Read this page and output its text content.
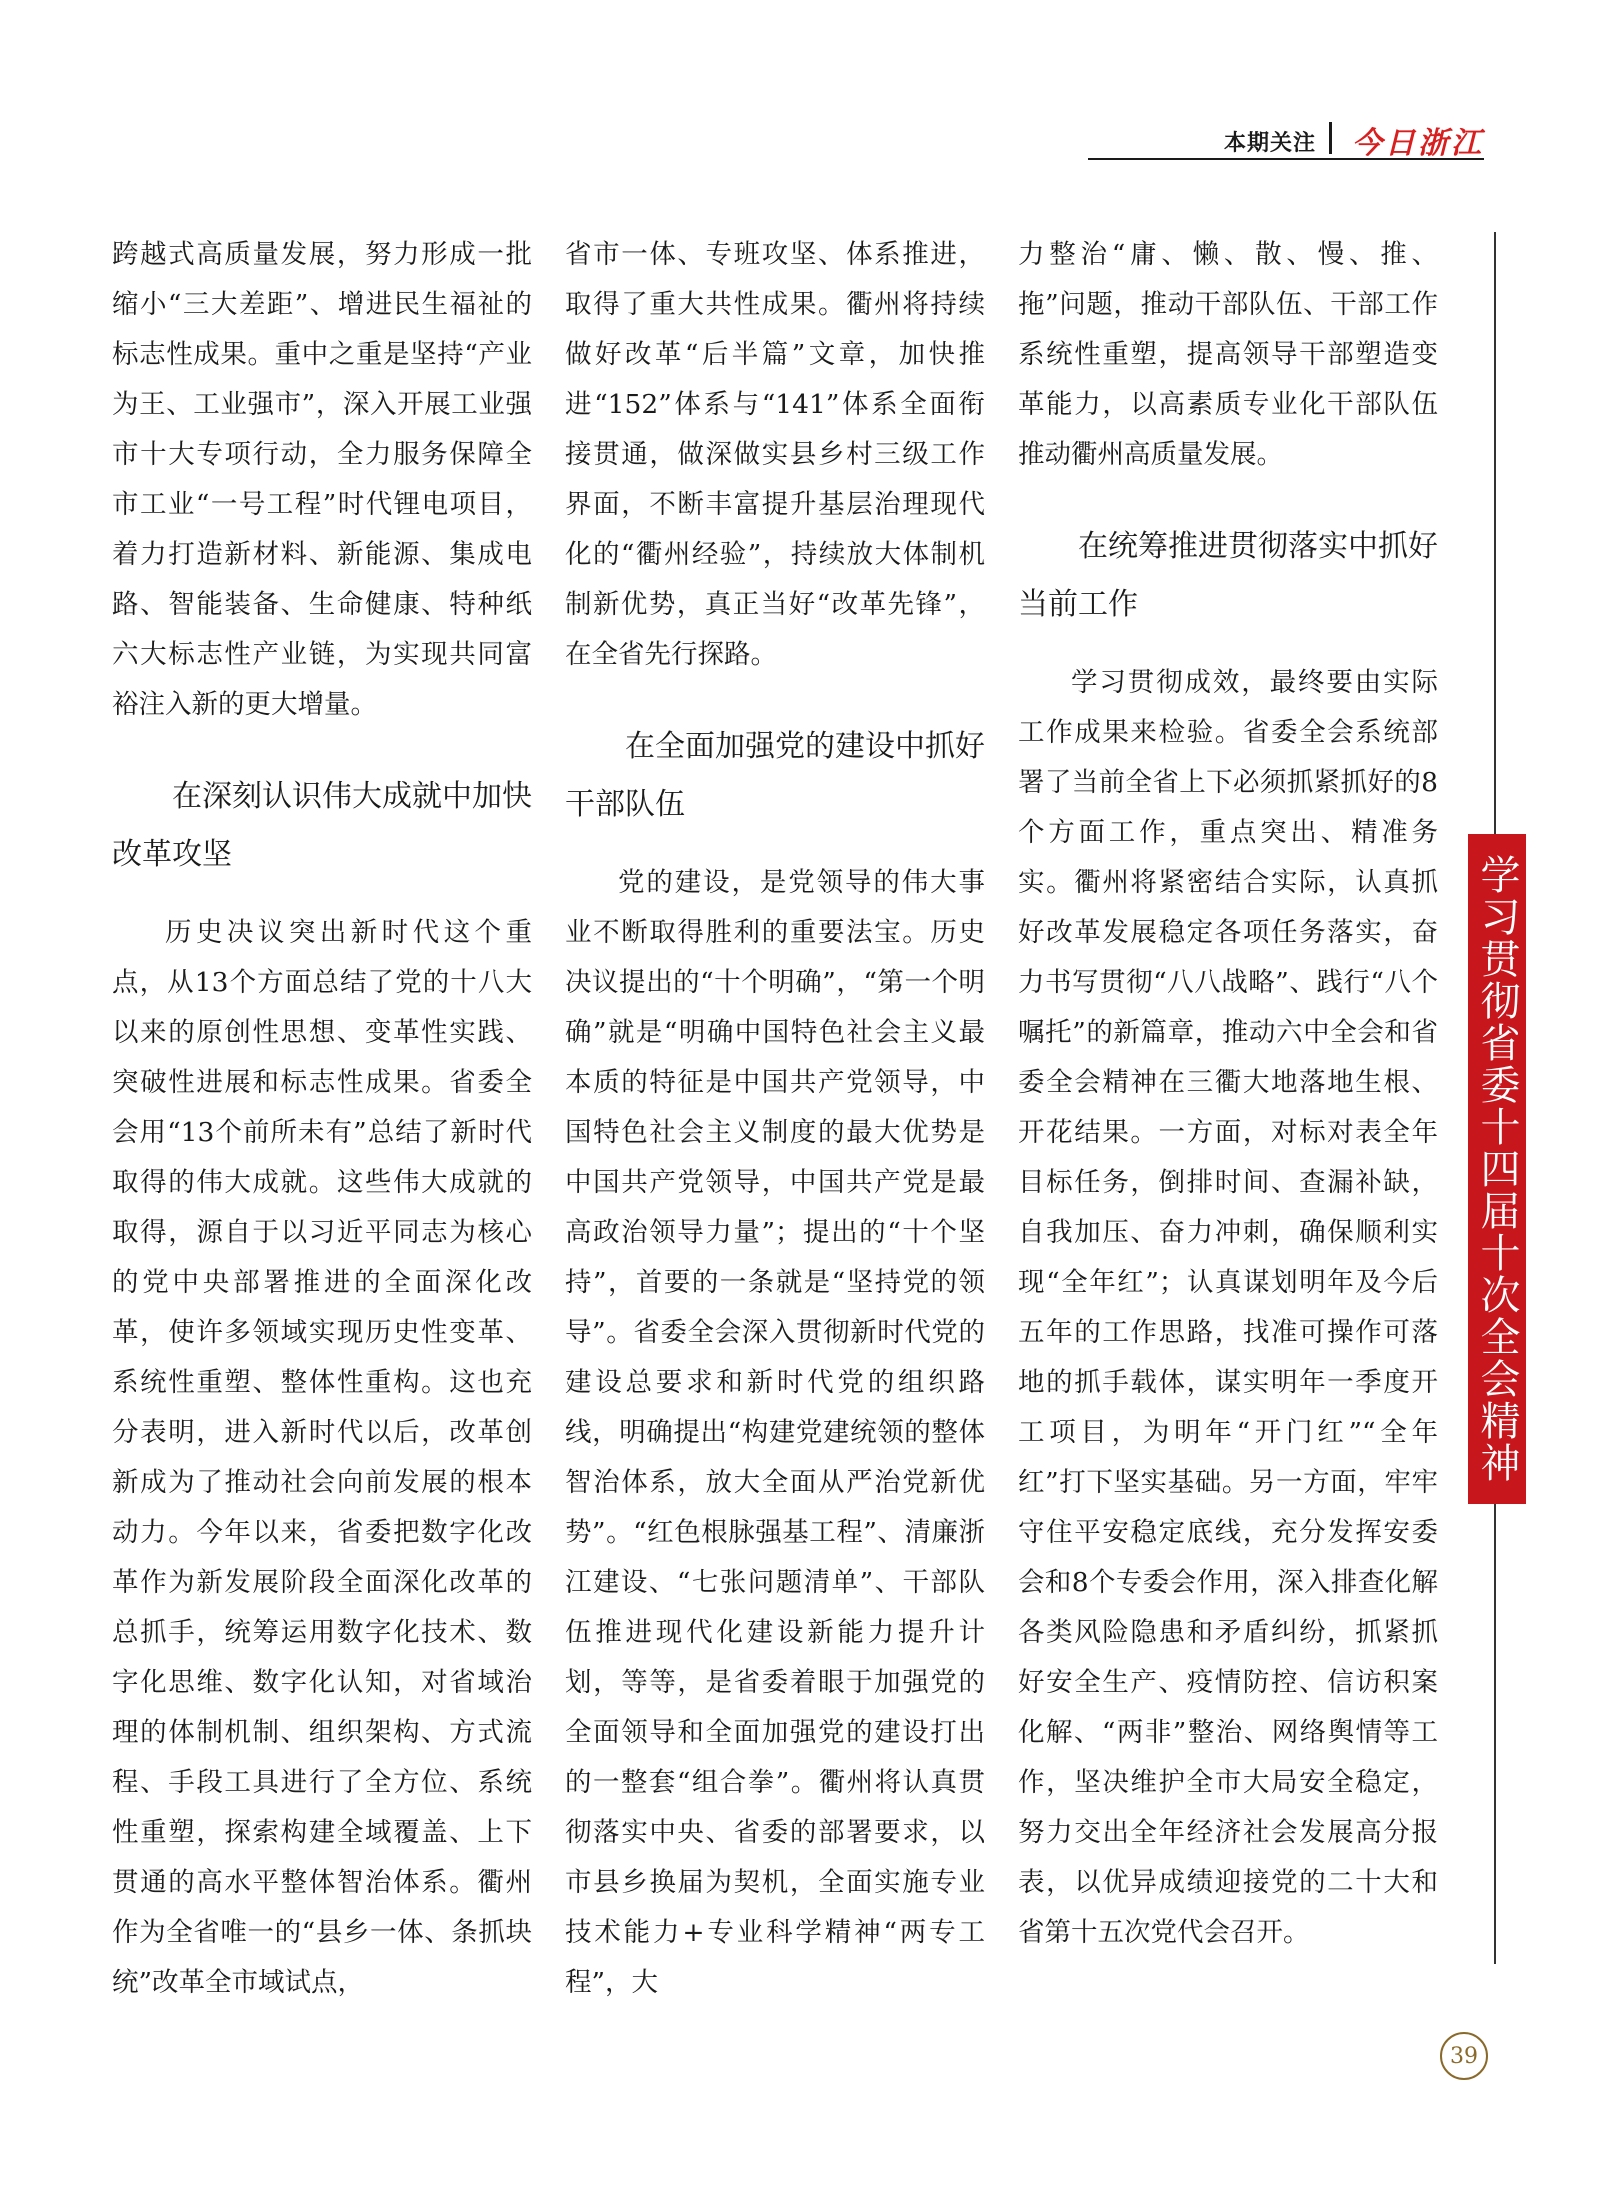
本期关注 今日浙江

跨越式高质量发展，努力形成一批缩小“三大差距”、增进民生福祉的标志性成果。重中之重是坚持“产业为王、工业强市”，深入开展工业强市十大专项行动，全力服务保障全市工业“一号工程”时代锂电项目，着力打造新材料、新能源、集成电路、智能装备、生命健康、特种纸六大标志性产业链，为实现共同富裕注入新的更大增量。

在深刻认识伟大成就中加快改革攻坚

历史决议突出新时代这个重点，从13个方面总结了党的十八大以来的原创性思想、变革性实践、突破性进展和标志性成果。省委全会用“13个前所未有”总结了新时代取得的伟大成就。这些伟大成就的取得，源自于以习近平同志为核心的党中央部署推进的全面深化改革，使许多领域实现历史性变革、系统性重塑、整体性重构。这也充分表明，进入新时代以后，改革创新成为了推动社会向前发展的根本动力。今年以来，省委把数字化改革作为新发展阶段全面深化改革的总抓手，统筹运用数字化技术、数字化思维、数字化认知，对省域治理的体制机制、组织架构、方式流程、手段工具进行了全方位、系统性重塑，探索构建全域覆盖、上下贯通的高水平整体智治体系。衢州作为全省唯一的“县乡一体、条抓块统”改革全市域试点，

省市一体、专班攻坚、体系推进，取得了重大共性成果。衢州将持续做好改革“后半篇”文章，加快推进“152”体系与“141”体系全面衔接贯通，做深做实县乡村三级工作界面，不断丰富提升基层治理现代化的“衢州经验”，持续放大体制机制新优势，真正当好“改革先锋”，在全省先行探路。

在全面加强党的建设中抓好干部队伍

党的建设，是党领导的伟大事业不断取得胜利的重要法宝。历史决议提出的“十个明确”，“第一个明确”就是“明确中国特色社会主义最本质的特征是中国共产党领导，中国特色社会主义制度的最大优势是中国共产党领导，中国共产党是最高政治领导力量”；提出的“十个坚持”，首要的一条就是“坚持党的领导”。省委全会深入贯彻新时代党的建设总要求和新时代党的组织路线，明确提出“构建党建统领的整体智治体系，放大全面从严治党新优势”。“红色根脉强基工程”、清廉浙江建设、“七张问题清单”、干部队伍推进现代化建设新能力提升计划，等等，是省委着眼于加强党的全面领导和全面加强党的建设打出的一整套“组合拳”。衢州将认真贯彻落实中央、省委的部署要求，以市县乡换届为契机，全面实施专业技术能力+专业科学精神“两专工程”，大

力整治“庸、懒、散、慢、推、拖”问题，推动干部队伍、干部工作系统性重塑，提高领导干部塑造变革能力，以高素质专业化干部队伍推动衢州高质量发展。

在统筹推进贯彻落实中抓好当前工作

学习贯彻成效，最终要由实际工作成果来检验。省委全会系统部署了当前全省上下必须抓紧抓好的8个方面工作，重点突出、精准务实。衢州将紧密结合实际，认真抓好改革发展稳定各项任务落实，奋力书写贯彻“八八战略”、践行“八个嘱托”的新篇章，推动六中全会和省委全会精神在三衢大地落地生根、开花结果。一方面，对标对表全年目标任务，倒排时间、查漏补缺，自我加压、奋力冲刺，确保顺利实现“全年红”；认真谋划明年及今后五年的工作思路，找准可操作可落地的抓手载体，谋实明年一季度开工项目，为明年“开门红”“全年红”打下坚实基础。另一方面，牢牢守住平安稳定底线，充分发挥安委会和8个专委会作用，深入排查化解各类风险隐患和矛盾纠纷，抓紧抓好安全生产、疫情防控、信访积案化解、“两非”整治、网络舆情等工作，坚决维护全市大局安全稳定，努力交出全年经济社会发展高分报表，以优异成绩迎接党的二十大和省第十五次党代会召开。

学习贯彻省委十四届十次全会精神
39
